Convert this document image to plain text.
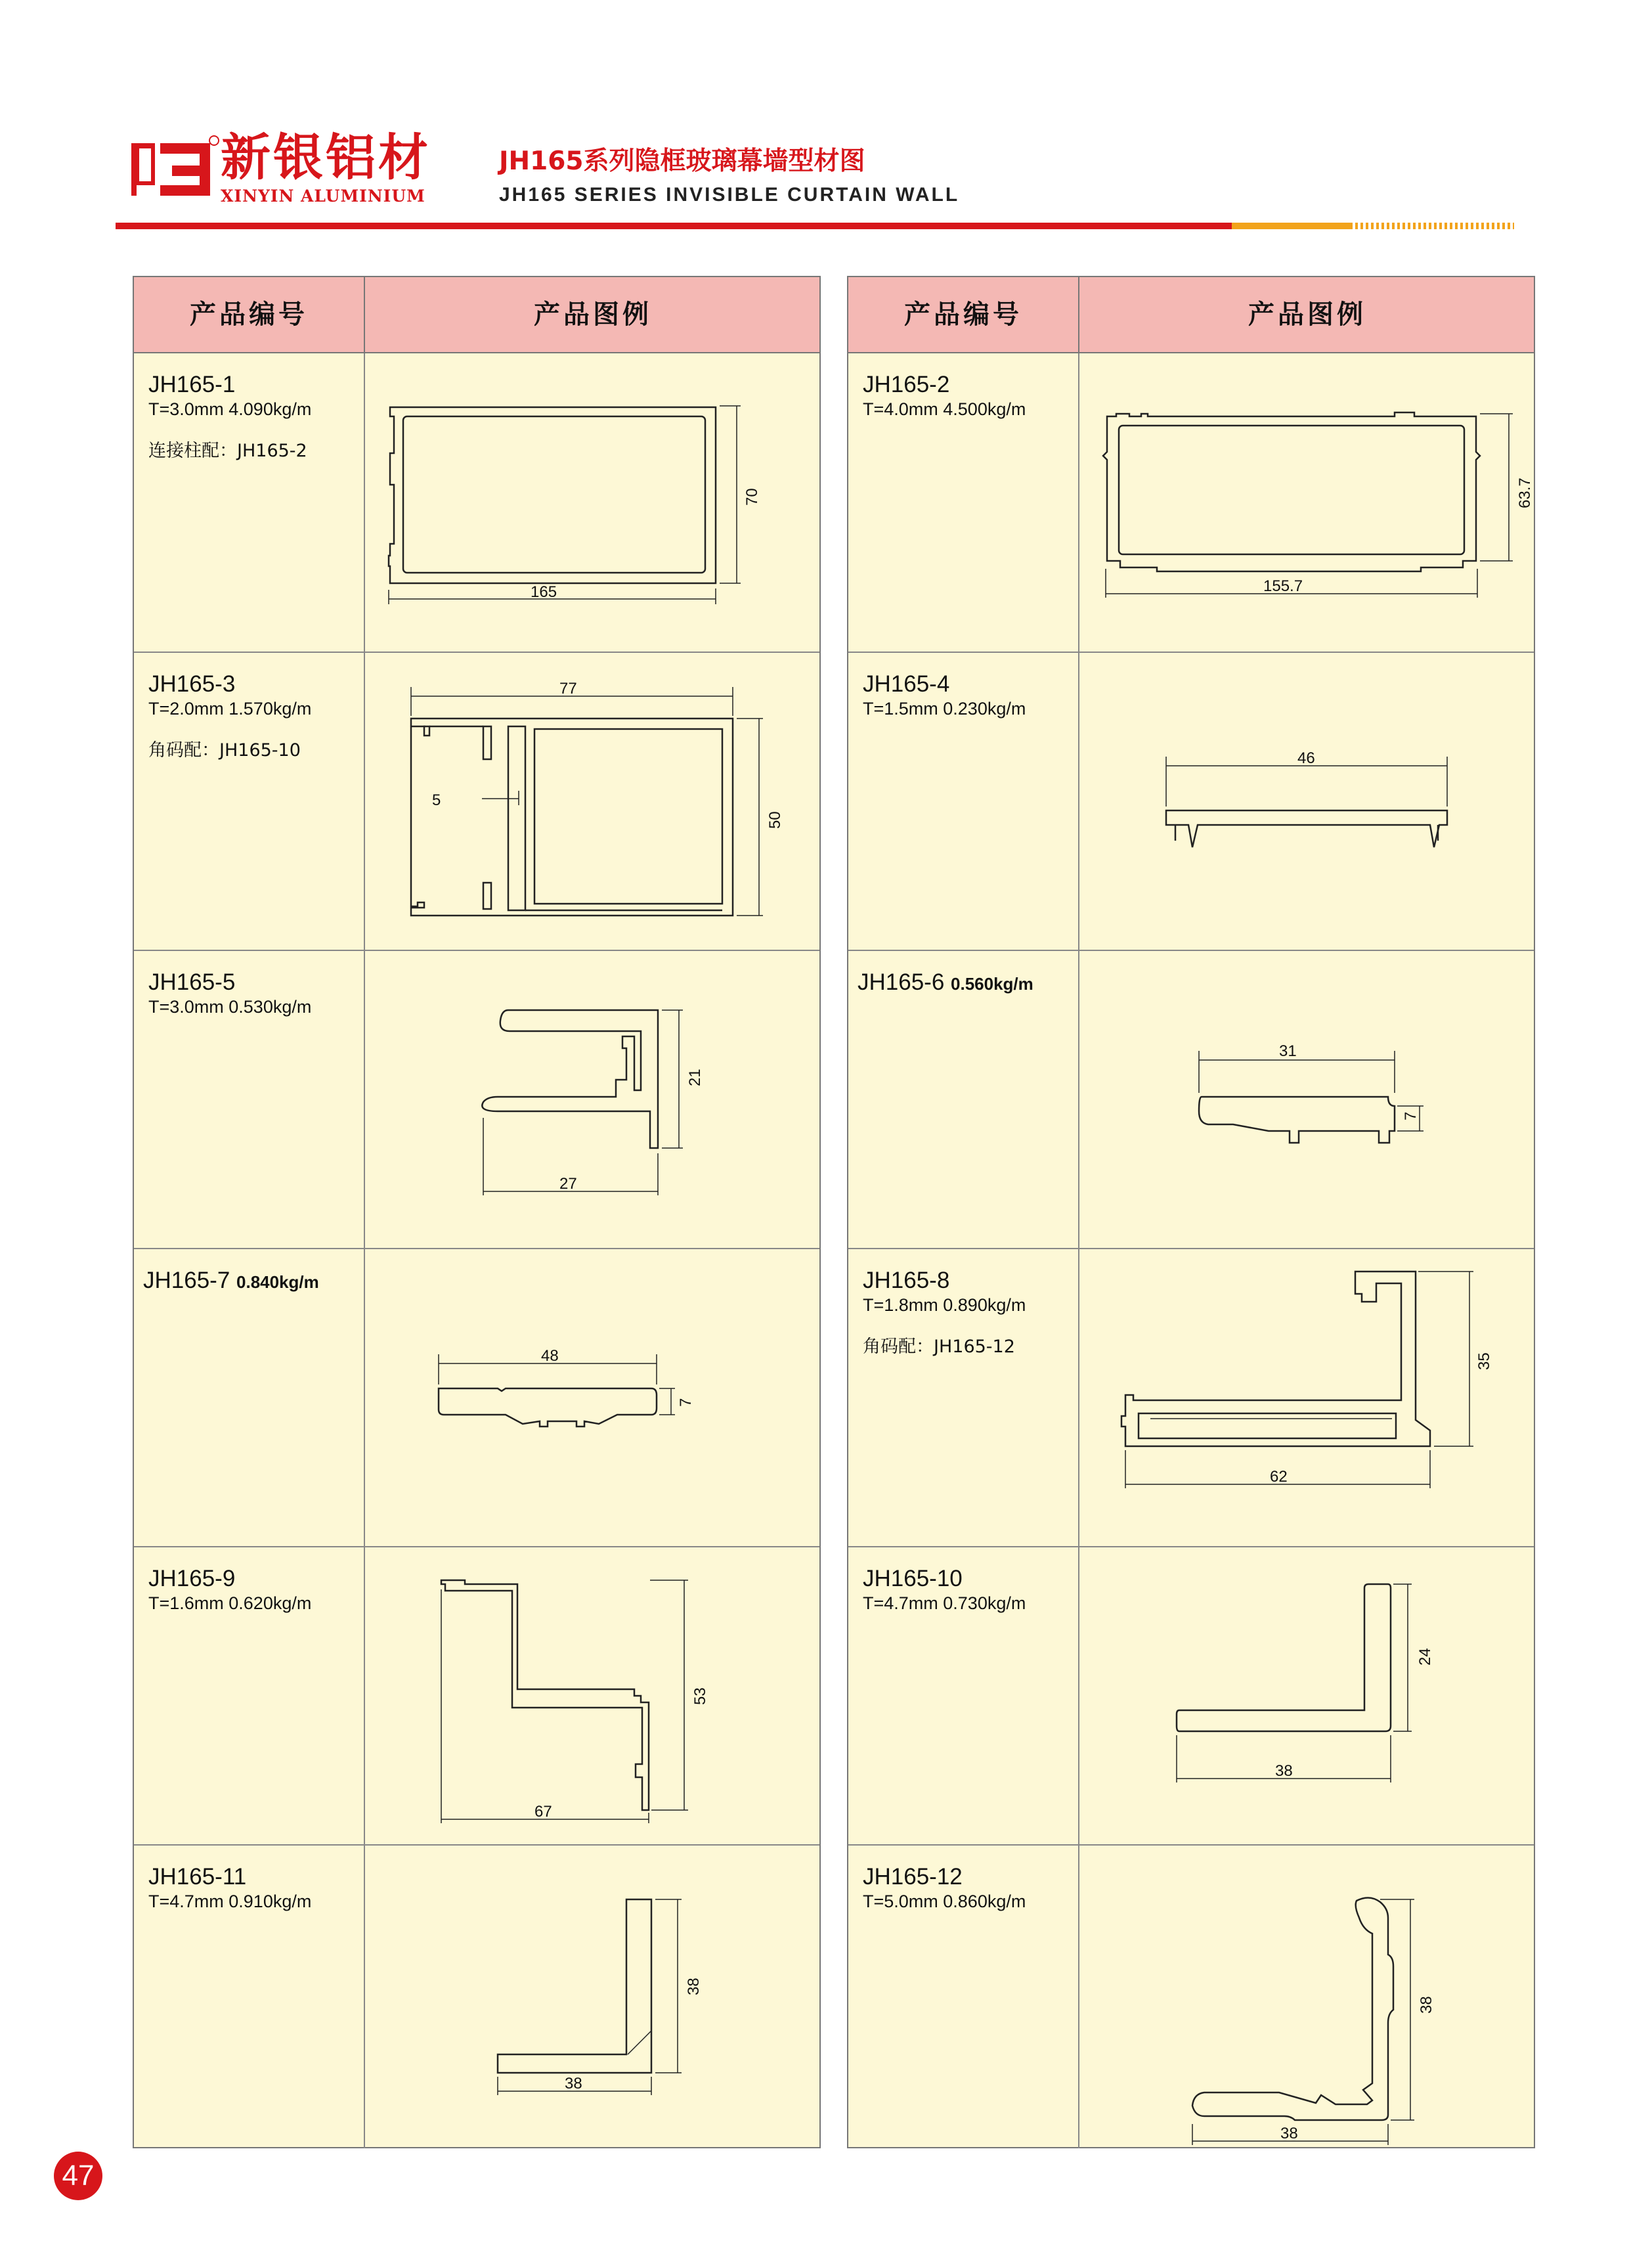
新银铝材
XINYIN ALUMINIUM
JH165系列隐框玻璃幕墙型材图
JH165 SERIES INVISIBLE CURTAIN WALL
产品编号	产品图例
JH165-1
T=3.0mm 4.090kg/m
连接柱配：JH165-2
165
70
JH165-3
T=2.0mm 1.570kg/m
角码配：JH165-10
77
5
50
JH165-5
T=3.0mm 0.530kg/m
27
21
JH165-7 0.840kg/m
48
7
JH165-9
T=1.6mm 0.620kg/m
67
53
JH165-11
T=4.7mm 0.910kg/m
38
38
产品编号	产品图例
JH165-2
T=4.0mm 4.500kg/m
155.7
63.7
JH165-4
T=1.5mm 0.230kg/m
46
JH165-6 0.560kg/m
31
7
JH165-8
T=1.8mm 0.890kg/m
角码配：JH165-12
62
35
JH165-10
T=4.7mm 0.730kg/m
38
24
JH165-12
T=5.0mm 0.860kg/m
38
38
47
